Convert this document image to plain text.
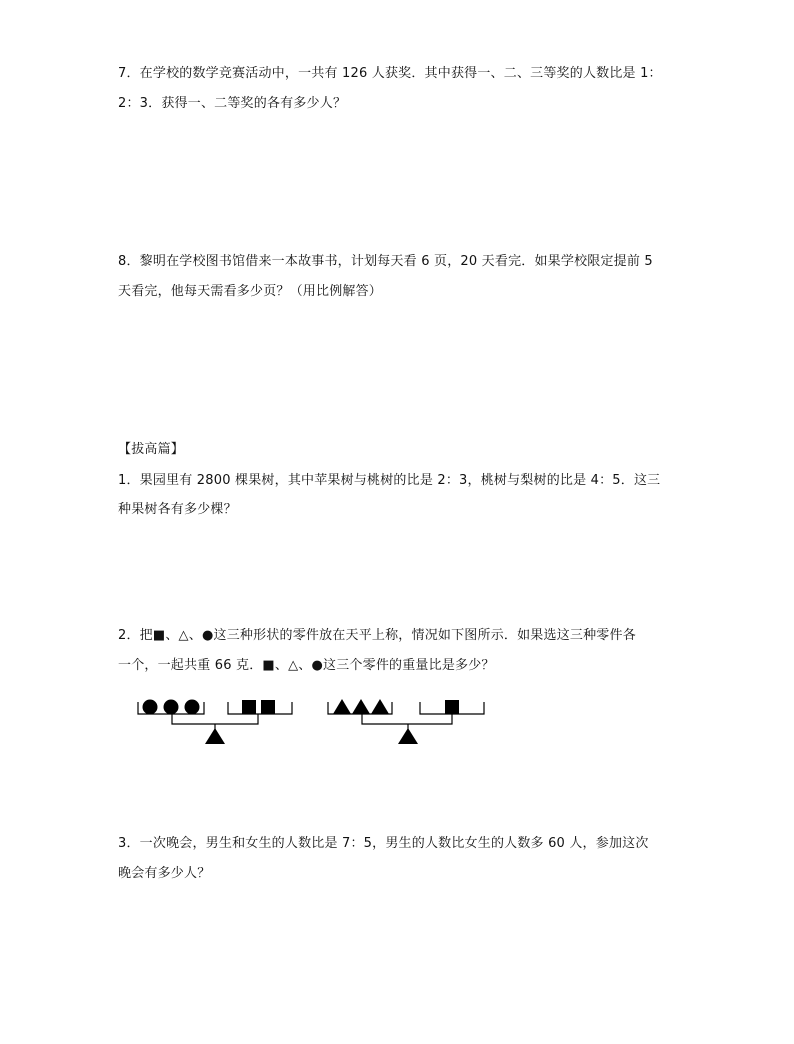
7．在学校的数学竞赛活动中，一共有 126 人获奖．其中获得一、二、三等奖的人数比是 1：
2：3．获得一、二等奖的各有多少人？
8．黎明在学校图书馆借来一本故事书，计划每天看 6 页，20 天看完．如果学校限定提前 5
天看完，他每天需看多少页？（用比例解答）
【拔高篇】
1．果园里有 2800 棵果树，其中苹果树与桃树的比是 2：3，桃树与梨树的比是 4：5．这三
种果树各有多少棵？
2．把■、△、●这三种形状的零件放在天平上称，情况如下图所示．如果选这三种零件各
一个，一起共重 66 克．■、△、●这三个零件的重量比是多少？
3．一次晚会，男生和女生的人数比是 7：5，男生的人数比女生的人数多 60 人，参加这次
晚会有多少人？
